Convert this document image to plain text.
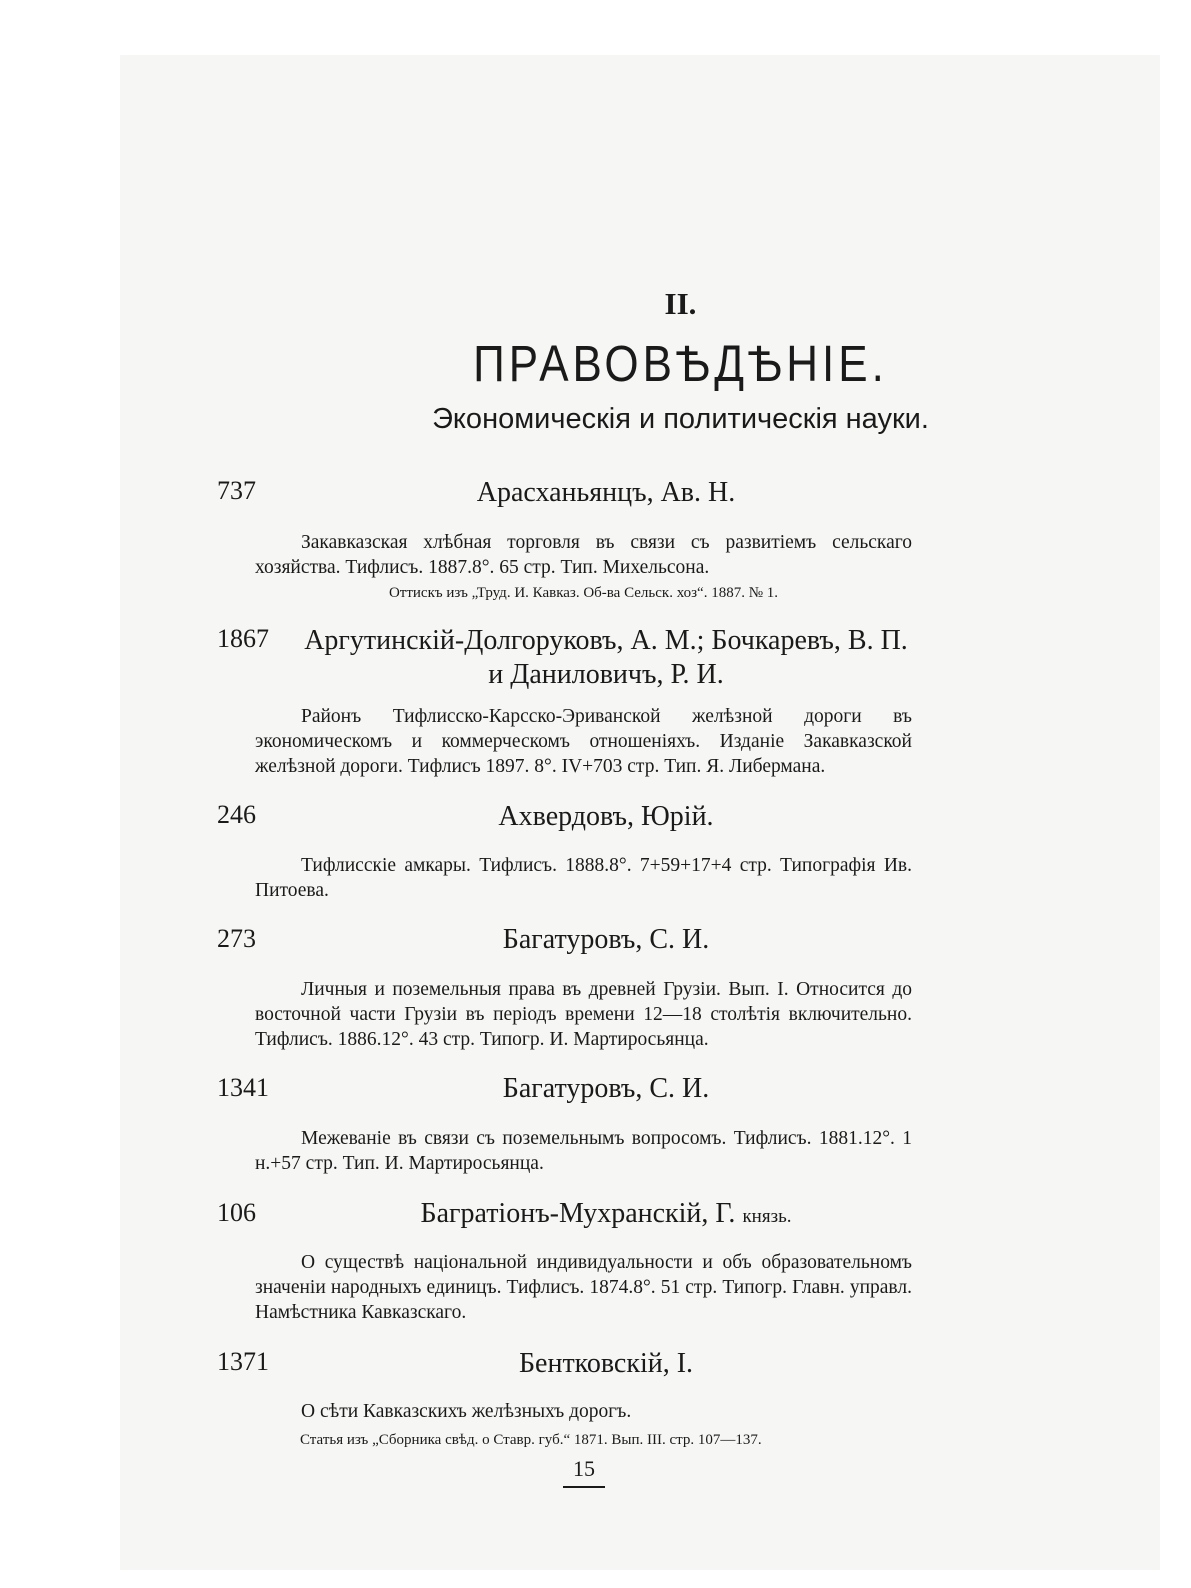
II.
ПРАВОВѢДѢНІЕ.
Экономическія и политическія науки.
737	Арасханьянцъ, Ав. Н.
Закавказская хлѣбная торговля въ связи съ развитіемъ сельскаго хозяйства. Тифлисъ. 1887.8°. 65 стр. Тип. Михельсона.
Оттискъ изъ „Труд. И. Кавказ. Об-ва Сельск. хоз“. 1887. № 1.
1867 Аргутинскій-Долгоруковъ, А. М.; Бочкаревъ, В. П.
и Даниловичъ, Р. И.
Районъ Тифлисско-Карсско-Эриванской желѣзной дороги въ экономическомъ и коммерческомъ отношеніяхъ. Изданіе Закавказской желѣзной дороги. Тифлисъ 1897. 8°. IV+703 стр. Тип. Я. Либермана.
246	Ахвердовъ, Юрій.
Тифлисскіе амкары. Тифлисъ. 1888.8°. 7+59+17+4 стр. Типографія Ив. Питоева.
273	Багатуровъ, С. И.
Личныя и поземельныя права въ древней Грузіи. Вып. I. Относится до восточной части Грузіи въ періодъ времени 12—18 столѣтія включительно. Тифлисъ. 1886.12°. 43 стр. Типогр. И. Мартиросьянца.
1341	Багатуровъ, С. И.
Межеваніе въ связи съ поземельнымъ вопросомъ. Тифлисъ. 1881.12°. 1 н.+57 стр. Тип. И. Мартиросьянца.
106	Багратіонъ-Мухранскій, Г. князь.
О существѣ національной индивидуальности и объ образовательномъ значеніи народныхъ единицъ. Тифлисъ. 1874.8°. 51 стр. Типогр. Главн. управл. Намѣстника Кавказскаго.
1371	Бентковскій, І.
О сѣти Кавказскихъ желѣзныхъ дорогъ.
Статья изъ „Сборника свѣд. о Ставр. губ.“ 1871. Вып. III. стр. 107—137.
15
